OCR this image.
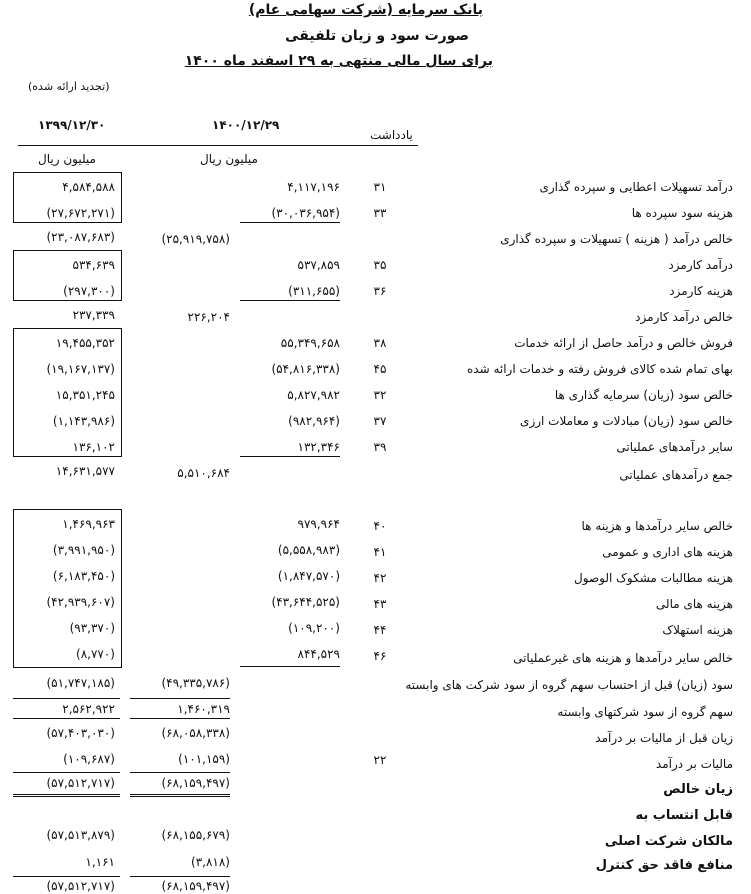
بانک سرمایه (شرکت سهامی عام)
صورت سود و زیان تلفیقی
برای سال مالی منتهی به ۲۹ اسفند ماه ۱۴۰۰
(تجدید ارائه شده)
۱۳۹۹/۱۲/۳۰	۱۴۰۰/۱۲/۲۹
یادداشت
میلیون ریال	میلیون ریال
درآمد تسهیلات اعطایی و سپرده گذاری
۳۱
۴,۱۱۷,۱۹۶
۴,۵۸۴,۵۸۸
هزینه سود سپرده ها
۳۳
(۳۰,۰۳۶,۹۵۴)
(۲۷,۶۷۲,۲۷۱)
خالص درآمد ( هزینه ) تسهیلات و سپرده گذاری
(۲۵,۹۱۹,۷۵۸)
(۲۳,۰۸۷,۶۸۳)
درآمد کارمزد
۳۵
۵۳۷,۸۵۹
۵۳۴,۶۳۹
هزینه کارمزد
۳۶
(۳۱۱,۶۵۵)
(۲۹۷,۳۰۰)
خالص درآمد کارمزد
۲۲۶,۲۰۴
۲۳۷,۳۳۹
فروش خالص و درآمد حاصل از ارائه خدمات
۳۸
۵۵,۳۴۹,۶۵۸
۱۹,۴۵۵,۳۵۲
بهای تمام شده کالای فروش رفته و خدمات ارائه شده
۴۵
(۵۴,۸۱۶,۳۳۸)
(۱۹,۱۶۷,۱۳۷)
خالص سود (زیان) سرمایه گذاری ها
۳۲
۵,۸۲۷,۹۸۲
۱۵,۳۵۱,۲۴۵
خالص سود (زیان) مبادلات و معاملات ارزی
۳۷
(۹۸۲,۹۶۴)
(۱,۱۴۳,۹۸۶)
سایر درآمدهای عملیاتی
۳۹
۱۳۲,۳۴۶
۱۳۶,۱۰۲
جمع درآمدهای عملیاتی
۵,۵۱۰,۶۸۴
۱۴,۶۳۱,۵۷۷
خالص سایر درآمدها و هزینه ها
۴۰
۹۷۹,۹۶۴
۱,۴۶۹,۹۶۳
هزینه های اداری و عمومی
۴۱
(۵,۵۵۸,۹۸۳)
(۳,۹۹۱,۹۵۰)
هزینه مطالبات مشکوک الوصول
۴۲
(۱,۸۴۷,۵۷۰)
(۶,۱۸۳,۴۵۰)
هزینه های مالی
۴۳
(۴۳,۶۴۴,۵۲۵)
(۴۲,۹۳۹,۶۰۷)
هزینه استهلاک
۴۴
(۱۰۹,۲۰۰)
(۹۳,۳۷۰)
خالص سایر درآمدها و هزینه های غیرعملیاتی
۴۶
۸۴۴,۵۲۹
(۸,۷۷۰)
سود (زیان) قبل از احتساب سهم گروه از سود شرکت های وابسته
(۴۹,۳۳۵,۷۸۶)
(۵۱,۷۴۷,۱۸۵)
سهم گروه از سود شرکتهای وابسته
۱,۴۶۰,۳۱۹
۲,۵۶۲,۹۲۲
زیان قبل از مالیات بر درآمد
(۶۸,۰۵۸,۳۳۸)
(۵۷,۴۰۳,۰۳۰)
مالیات بر درآمد
۲۲
(۱۰۱,۱۵۹)
(۱۰۹,۶۸۷)
زیان خالص
(۶۸,۱۵۹,۴۹۷)
(۵۷,۵۱۲,۷۱۷)
قابل انتساب به
مالکان شرکت اصلی
(۶۸,۱۵۵,۶۷۹)
(۵۷,۵۱۳,۸۷۹)
منافع فاقد حق کنترل
(۳,۸۱۸)
۱,۱۶۱
(۶۸,۱۵۹,۴۹۷)
(۵۷,۵۱۲,۷۱۷)
